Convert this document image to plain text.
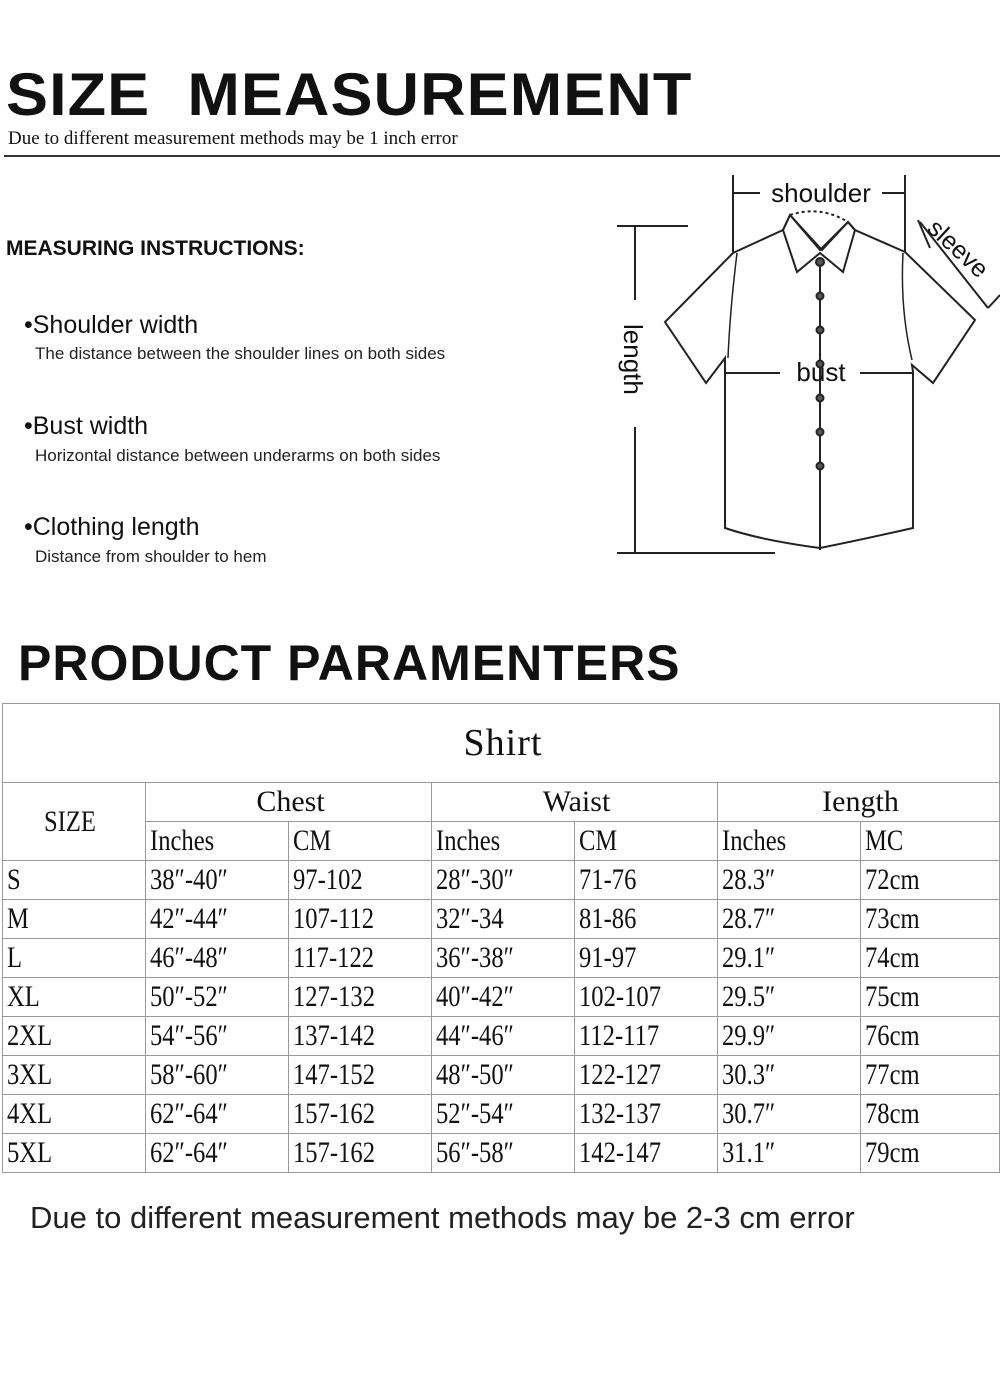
SIZE  MEASUREMENT
Due to different measurement methods may be 1 inch error
MEASURING INSTRUCTIONS:
•Shoulder width
The distance between the shoulder lines on both sides
•Bust width
Horizontal distance between underarms on both sides
•Clothing length
Distance from shoulder to hem
shoulder
length
sleeve
bust
PRODUCT PARAMENTERS
Shirt						
SIZE	Chest		Waist		Iength	
	Inches	CM	Inches	CM	Inches	MC
S	38″-40″	97-102	28″-30″	71-76	28.3″	72cm
M	42″-44″	107-112	32″-34	81-86	28.7″	73cm
L	46″-48″	117-122	36″-38″	91-97	29.1″	74cm
XL	50″-52″	127-132	40″-42″	102-107	29.5″	75cm
2XL	54″-56″	137-142	44″-46″	112-117	29.9″	76cm
3XL	58″-60″	147-152	48″-50″	122-127	30.3″	77cm
4XL	62″-64″	157-162	52″-54″	132-137	30.7″	78cm
5XL	62″-64″	157-162	56″-58″	142-147	31.1″	79cm
Due to different measurement methods may be 2-3 cm error
